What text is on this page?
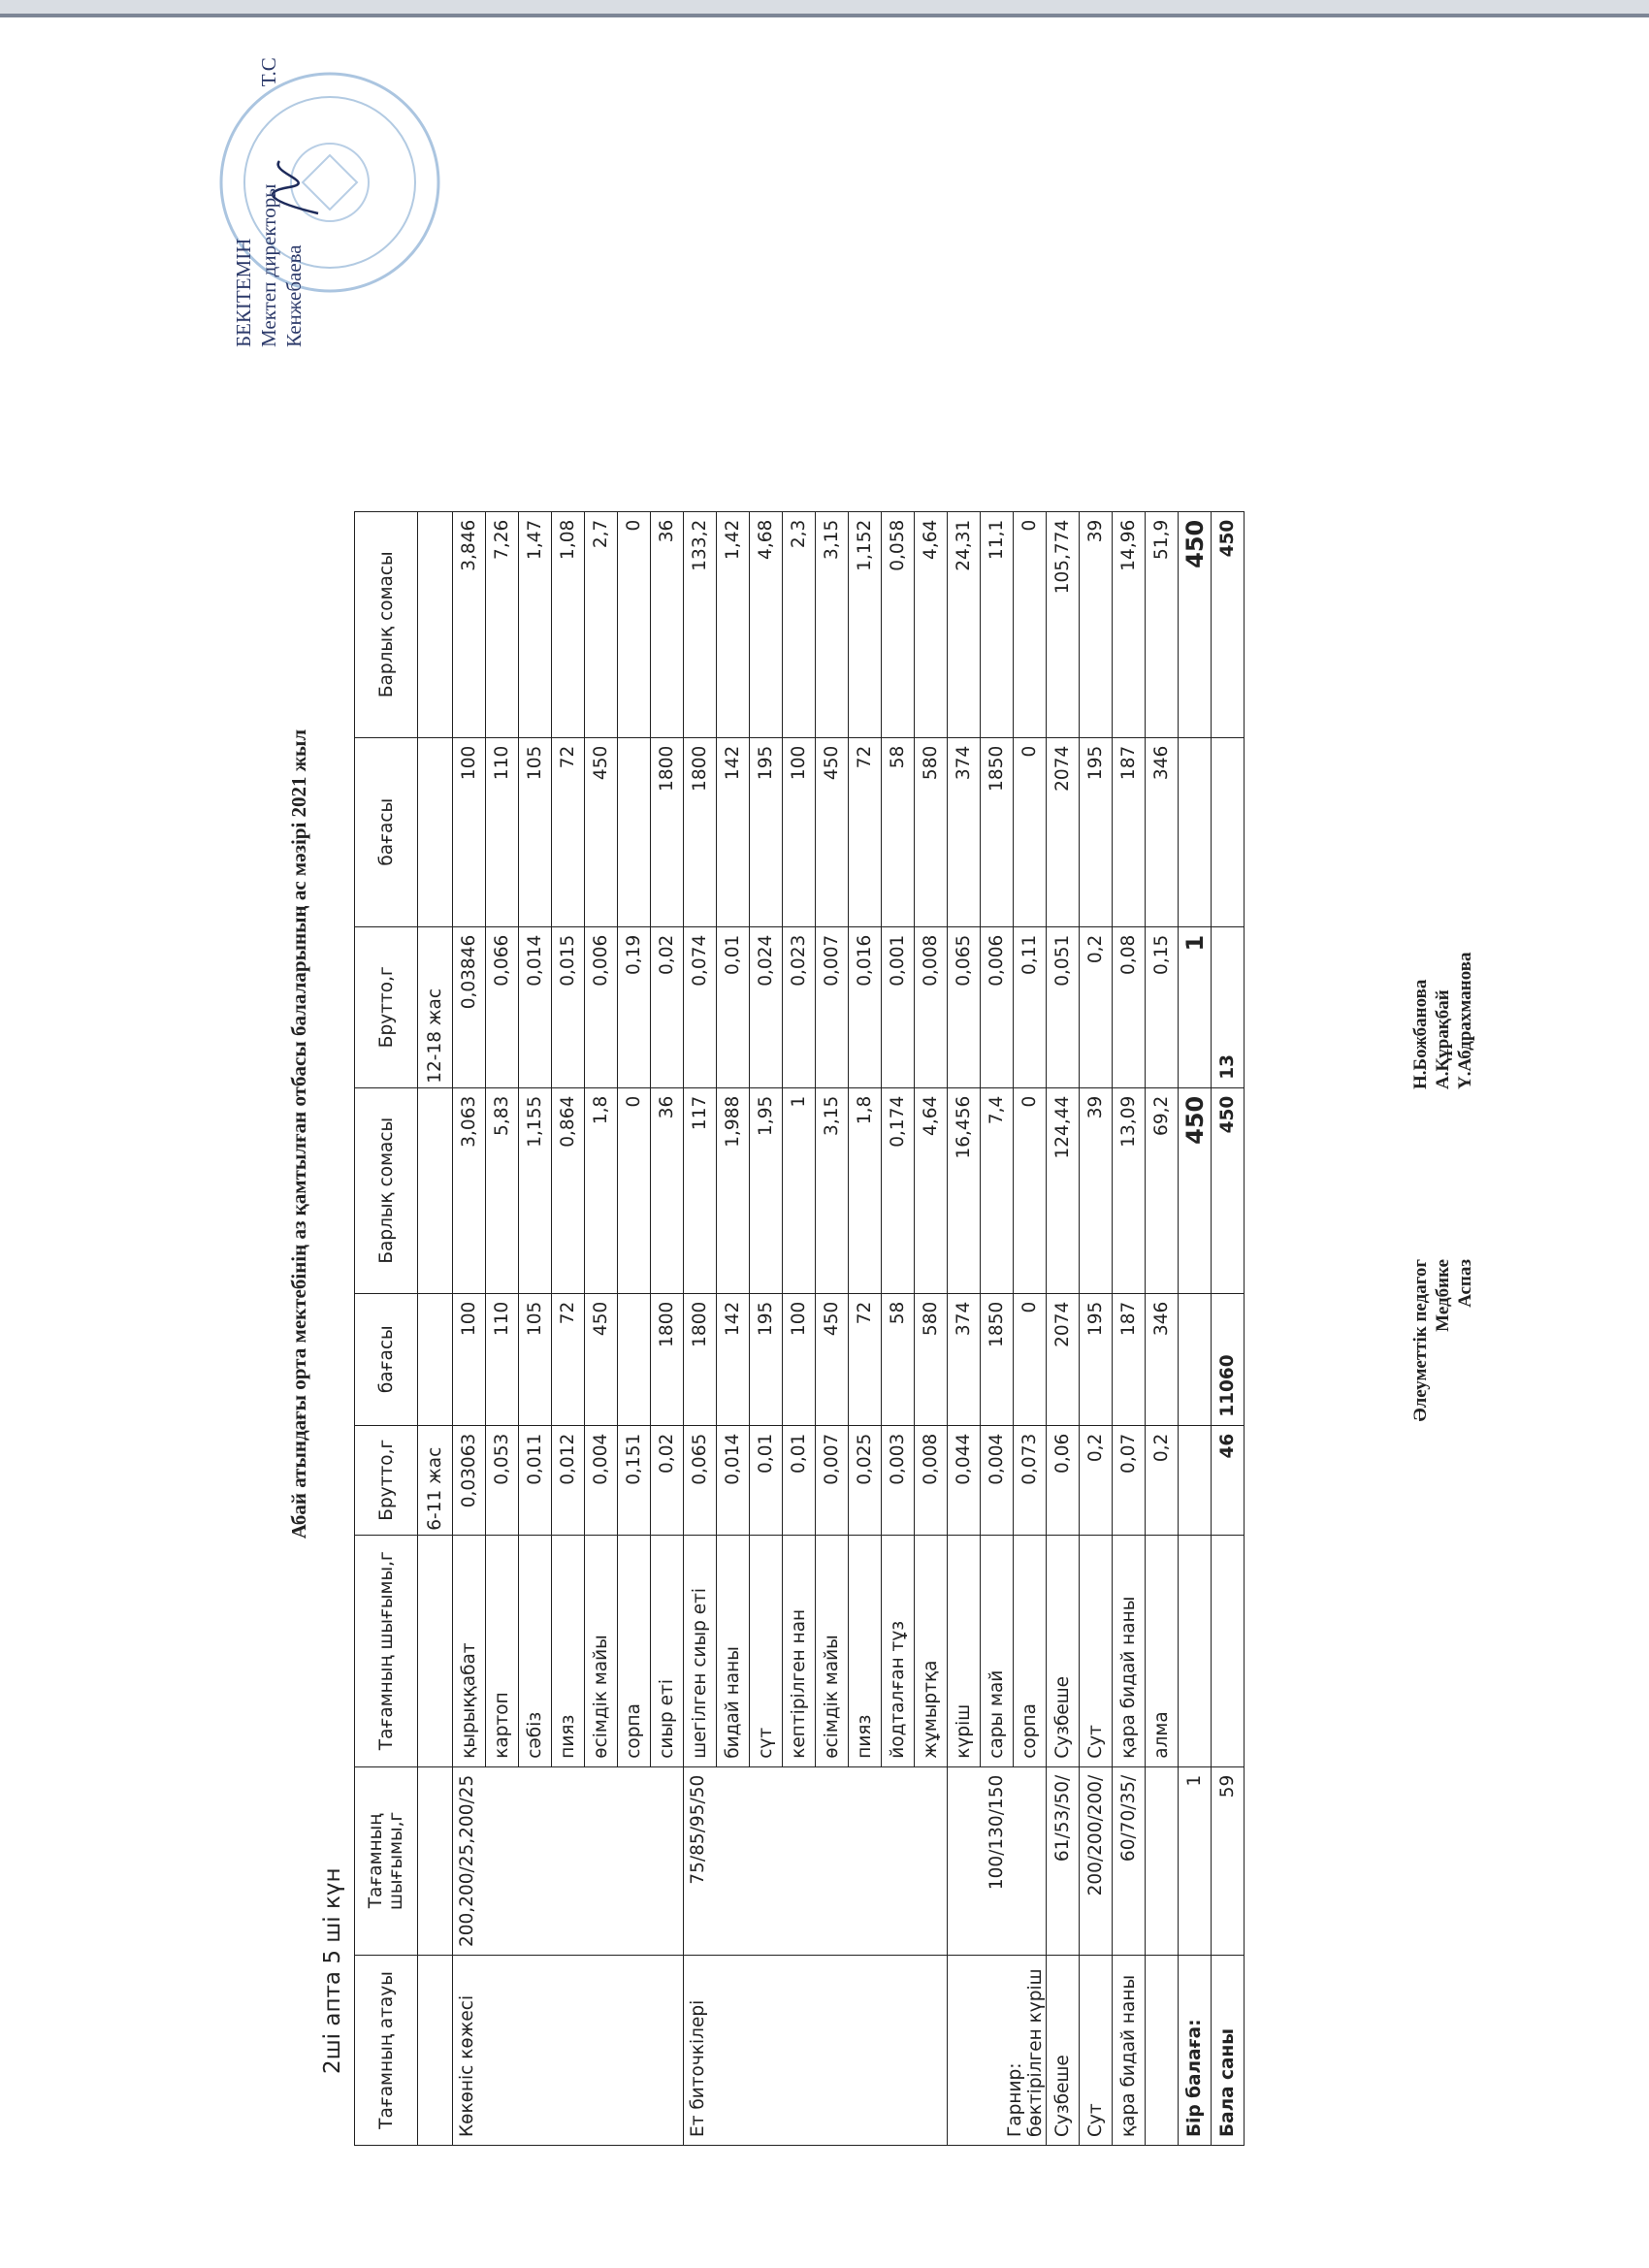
Абай атындағы орта мектебінің аз қамтылған отбасы балаларының ас мәзірі 2021 жыл
2ші апта 5 ші күн Тағамның атауы	Тағамның шығымы,г	Тағамның шығымы,г	Брутто,г	бағасы	Барлық сомасы	Брутто,г	бағасы	Барлық сомасы
			6-11 жас			12-18 жас		
Көкөніс көжесі	200,200/25,200/25	қырыққабат	0,03063	100	3,063	0,03846	100	3,846
		картоп	0,053	110	5,83	0,066	110	7,26
		сәбіз	0,011	105	1,155	0,014	105	1,47
		пияз	0,012	72	0,864	0,015	72	1,08
		өсімдік майы	0,004	450	1,8	0,006	450	2,7
		сорпа	0,151		0	0,19		0
		сиыр еті	0,02	1800	36	0,02	1800	36
Ет биточкілері	75/85/95/50	шегілген сиыр еті	0,065	1800	117	0,074	1800	133,2
		бидай наны	0,014	142	1,988	0,01	142	1,42
		сүт	0,01	195	1,95	0,024	195	4,68
		кептірілген нан	0,01	100	1	0,023	100	2,3
		өсімдік майы	0,007	450	3,15	0,007	450	3,15
		пияз	0,025	72	1,8	0,016	72	1,152
		йодталған тұз	0,003	58	0,174	0,001	58	0,058
		жұмыртқа	0,008	580	4,64	0,008	580	4,64
Гарнир: бөктірілген күріш	100/130/150	күріш	0,044	374	16,456	0,065	374	24,31
		сары май	0,004	1850	7,4	0,006	1850	11,1
		сорпа	0,073	0	0	0,11	0	0
Сузбеше	61/53/50/	Сузбеше	0,06	2074	124,44	0,051	2074	105,774
Сут	200/200/200/	Сут	0,2	195	39	0,2	195	39
қара бидай наны	60/70/35/	қара бидай наны	0,07	187	13,09	0,08	187	14,96
		алма	0,2	346	69,2	0,15	346	51,9
Бір балаға:	1				450	1		450
Бала саны	59		46	11060	450	13		450
Әлеуметтік педагог Медбике Аспаз
Н.Божбанова А.Құрақбай Ү.Абдрахманова
БЕКІТЕМІН Мектеп директоры  Т.С Кенжебаева
